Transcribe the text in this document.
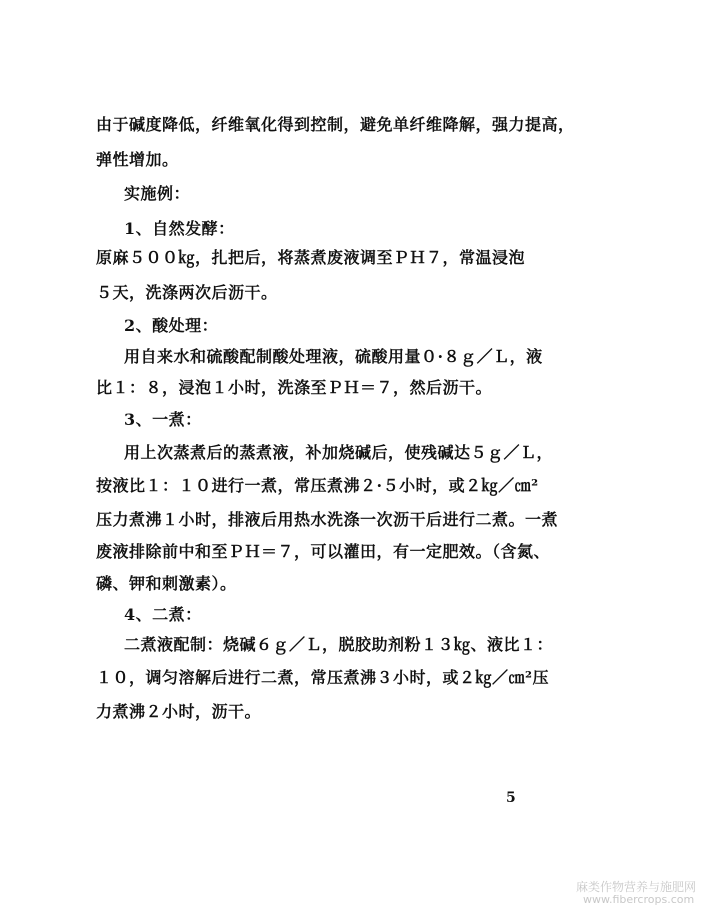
由于碱度降低，纤维氧化得到控制，避免单纤维降解，强力提高，
弹性增加。
实施例：
1、自然发酵：
原麻５００㎏，扎把后，将蒸煮废液调至ＰＨ７，常温浸泡
５天，洗涤两次后沥干。
2、酸处理：
用自来水和硫酸配制酸处理液，硫酸用量０·８ｇ／Ｌ，液
比１：８，浸泡１小时，洗涤至ＰＨ＝７，然后沥干。
3、一煮：
用上次蒸煮后的蒸煮液，补加烧碱后，使残碱达５ｇ／Ｌ，
按液比１：１０进行一煮，常压煮沸２·５小时，或２㎏／㎝²
压力煮沸１小时，排液后用热水洗涤一次沥干后进行二煮。一煮
废液排除前中和至ＰＨ＝７，可以灌田，有一定肥效。（含氮、
磷、钾和刺激素）。
4、二煮：
二煮液配制：烧碱６ｇ／Ｌ，脱胶助剂粉１３㎏、液比１：
１０，调匀溶解后进行二煮，常压煮沸３小时，或２㎏／㎝²压
力煮沸２小时，沥干。
5
麻类作物营养与施肥网
www.fibercrops.com
